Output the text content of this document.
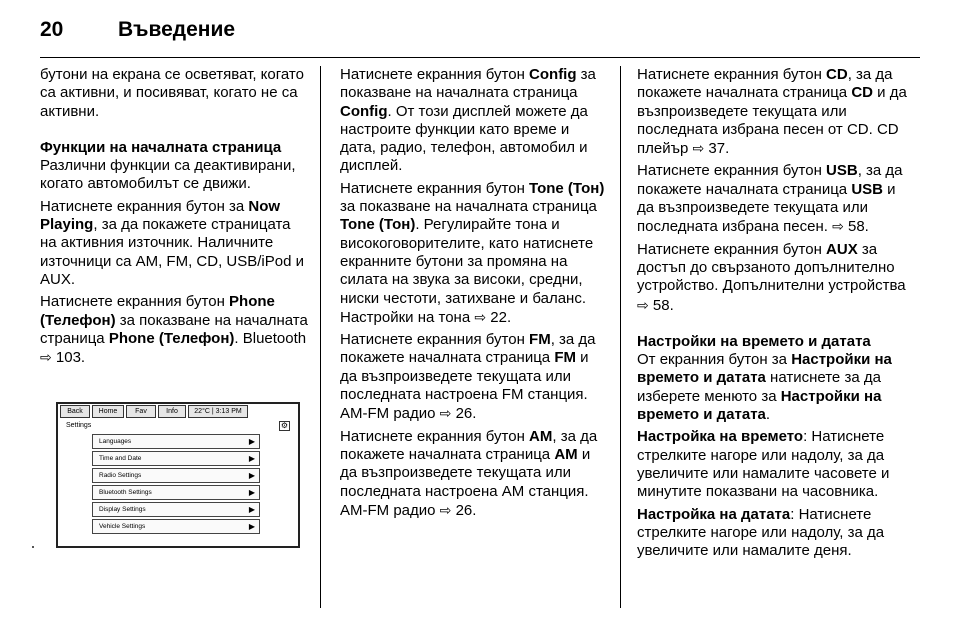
20	Въведение

бутони на екрана се осветяват, когато са активни, и посивяват, когато не са активни.

Функции на началната страница

Различни функции са деактивирани, когато автомобилът се движи.

Натиснете екранния бутон за Now Playing, за да покажете страницата на активния източник. Наличните източници са AM, FM, CD, USB/iPod и AUX.

Натиснете екранния бутон Phone (Телефон) за показване на началната страница Phone (Телефон). Bluetooth ⇨ 103.

Back	Home	Fav	Info	22°C | 3:13 PM
Settings	⚙
Languages	▶
Time and Date	▶
Radio Settings	▶
Bluetooth Settings	▶
Display Settings	▶
Vehicle Settings	▶

Натиснете екранния бутон Config за показване на началната страница Config. От този дисплей можете да настроите функции като време и дата, радио, телефон, автомобил и дисплей.

Натиснете екранния бутон Tone (Тон) за показване на началната страница Tone (Тон). Регулирайте тона и високоговорителите, като натиснете екранните бутони за промяна на силата на звука за високи, средни, ниски честоти, затихване и баланс. Настройки на тона ⇨ 22.

Натиснете екранния бутон FM, за да покажете началната страница FM и да възпроизведете текущата или последната настроена FM станция. AM-FM радио ⇨ 26.

Натиснете екранния бутон AM, за да покажете началната страница AM и да възпроизведете текущата или последната настроена AM станция. AM-FM радио ⇨ 26.

Натиснете екранния бутон CD, за да покажете началната страница CD и да възпроизведете текущата или последната избрана песен от CD. CD плейър ⇨ 37.

Натиснете екранния бутон USB, за да покажете началната страница USB и да възпроизведете текущата или последната избрана песен. ⇨ 58.

Натиснете екранния бутон AUX за достъп до свързаното допълнително устройство. Допълнителни устройства ⇨ 58.

Настройки на времето и датата

От екранния бутон за Настройки на времето и датата натиснете за да изберете менюто за Настройки на времето и датата.

Настройка на времето: Натиснете стрелките нагоре или надолу, за да увеличите или намалите часовете и минутите показвани на часовника.

Настройка на датата: Натиснете стрелките нагоре или надолу, за да увеличите или намалите деня.
